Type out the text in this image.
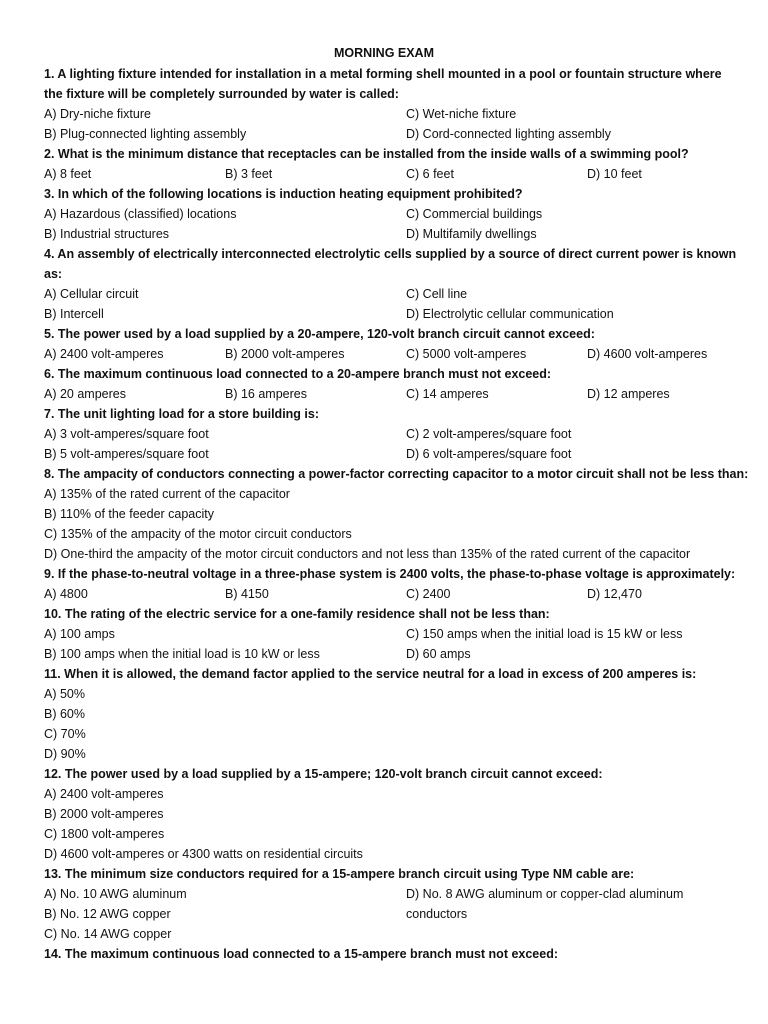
MORNING EXAM
1. A lighting fixture intended for installation in a metal forming shell mounted in a pool or fountain structure where
the fixture will be completely surrounded by water is called:
A) Dry-niche fixture	C) Wet-niche fixture
B) Plug-connected lighting assembly	D) Cord-connected lighting assembly
2. What is the minimum distance that receptacles can be installed from the inside walls of a swimming pool?
A) 8 feet	B) 3 feet	C) 6 feet	D) 10 feet
3. In which of the following locations is induction heating equipment prohibited?
A) Hazardous (classified) locations	C) Commercial buildings
B) Industrial structures	D) Multifamily dwellings
4. An assembly of electrically interconnected electrolytic cells supplied by a source of direct current power is known
as:
A) Cellular circuit	C) Cell line
B) Intercell	D) Electrolytic cellular communication
5. The power used by a load supplied by a 20-ampere, 120-volt branch circuit cannot exceed:
A) 2400 volt-amperes	B) 2000 volt-amperes	C) 5000 volt-amperes	D) 4600 volt-amperes
6. The maximum continuous load connected to a 20-ampere branch must not exceed:
A) 20 amperes	B) 16 amperes	C) 14 amperes	D) 12 amperes
7. The unit lighting load for a store building is:
A) 3 volt-amperes/square foot	C) 2 volt-amperes/square foot
B) 5 volt-amperes/square foot	D) 6 volt-amperes/square foot
8. The ampacity of conductors connecting a power-factor correcting capacitor to a motor circuit shall not be less than:
A) 135% of the rated current of the capacitor
B) 110% of the feeder capacity
C) 135% of the ampacity of the motor circuit conductors
D) One-third the ampacity of the motor circuit conductors and not less than 135% of the rated current of the capacitor
9. If the phase-to-neutral voltage in a three-phase system is 2400 volts, the phase-to-phase voltage is approximately:
A) 4800	B) 4150	C) 2400	D) 12,470
10. The rating of the electric service for a one-family residence shall not be less than:
A) 100 amps	C) 150 amps when the initial load is 15 kW or less
B) 100 amps when the initial load is 10 kW or less	D) 60 amps
11. When it is allowed, the demand factor applied to the service neutral for a load in excess of 200 amperes is:
A) 50%
B) 60%
C) 70%
D) 90%
12. The power used by a load supplied by a 15-ampere; 120-volt branch circuit cannot exceed:
A) 2400 volt-amperes
B) 2000 volt-amperes
C) 1800 volt-amperes
D) 4600 volt-amperes or 4300 watts on residential circuits
13. The minimum size conductors required for a 15-ampere branch circuit using Type NM cable are:
A) No. 10 AWG aluminum	D) No. 8 AWG aluminum or copper-clad aluminum
B) No. 12 AWG copper	conductors
C) No. 14 AWG copper
14. The maximum continuous load connected to a 15-ampere branch must not exceed:
